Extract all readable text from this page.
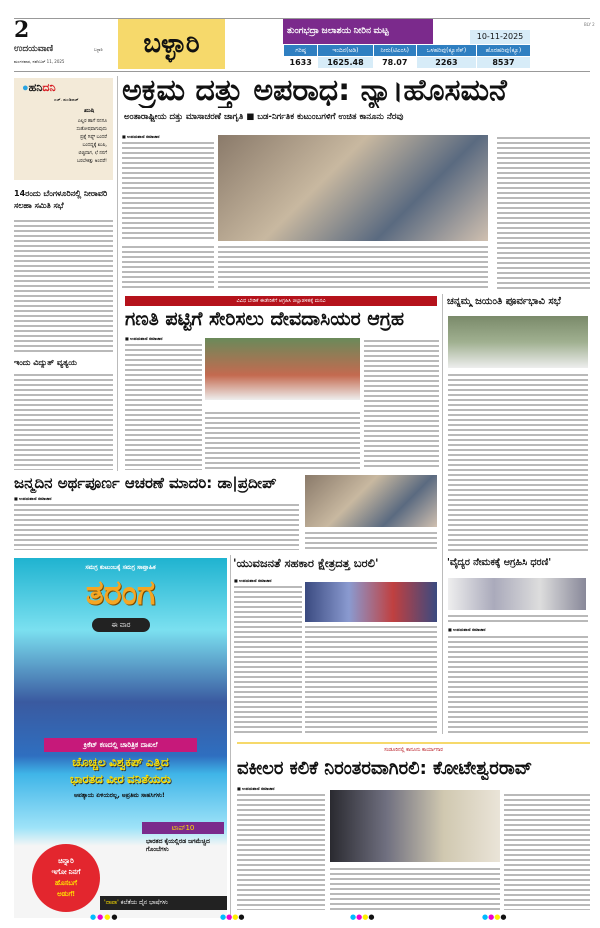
2
ಉದಯವಾಣಿ	ಬಳ್ಳಾರಿ
ಮಂಗಳವಾರ, ನವೆಂಬರ್ 11, 2025
ಬಳ್ಳಾರಿ
BLY 2
ತುಂಗಭದ್ರಾ ಜಲಾಶಯ ನೀರಿನ ಮಟ್ಟ
10-11-2025
ಗರಿಷ್ಠ	ಇಂದಿನ(ಅಡಿ)	ನೀರು(ಟಿಎಂಸಿ)	ಒಳಹರಿವು(ಕ್ಯೂಸೆಕ್)	ಹೊರಹರಿವು(ಕ್ಯೂ)
1633	1625.48	78.07	2263	8537
●ಹನಿದನಿ
ಎಚ್. ಡುಂಡಿರಾಜ್
ಖುಷಿ
ಎಲ್ಲರ ಹಾಗೆ ನನಗೂ
ಸಂತೋಷವಾಗುವುದು
ಪ್ರಶ್ನೆ ಗಿಫ್ಟ್ ಬಂದರೆ
ಬಂದದ್ದಕ್ಕೆ ಖುಷಿ,
ಬಿಚ್ಚಿದಾಗ, ಛೆ ನನಗೆ
ಬರಬೇಕಿತ್ತು ಅಂದರೆ!
14ರಂದು ಬೆಂಗಳೂರಿನಲ್ಲಿ ನೀರಾವರಿ ಸಲಹಾ ಸಮಿತಿ ಸಭೆ
ಇಂದು ವಿದ್ಯುತ್ ವ್ಯತ್ಯಯ
ಅಕ್ರಮ ದತ್ತು ಅಪರಾಧ: ನ್ಯಾ।ಹೊಸಮನೆ
ಅಂತಾರಾಷ್ಟ್ರೀಯ ದತ್ತು ಮಾಸಾಚರಣೆ ಜಾಗೃತಿ ■ ಬಡ-ನಿರ್ಗತಿಕ ಕುಟುಂಬಗಳಿಗೆ ಉಚಿತ ಕಾನೂನು ನೆರವು
■ ಉದಯವಾಣಿ ಸಮಾಚಾರ
ವಿವಿಧ ಬೇಡಿಕೆ ಈಡೇರಿಕೆಗೆ ಆಗ್ರಹಿಸಿ ಜಿಲ್ಲಾಡಳಿತಕ್ಕೆ ಮನವಿ
ಗಣತಿ ಪಟ್ಟಿಗೆ ಸೇರಿಸಲು ದೇವದಾಸಿಯರ ಆಗ್ರಹ
■ ಉದಯವಾಣಿ ಸಮಾಚಾರ
ಚನ್ನಮ್ಮ ಜಯಂತಿ ಪೂರ್ವಭಾವಿ ಸಭೆ
ಜನ್ಮದಿನ ಅರ್ಥಪೂರ್ಣ ಆಚರಣೆ ಮಾದರಿ: ಡಾ|ಪ್ರದೀಪ್
■ ಉದಯವಾಣಿ ಸಮಾಚಾರ
ಸಮಗ್ರ ಕುಟುಂಬಕ್ಕೆ ಸಮಗ್ರ ಸಾಪ್ತಾಹಿಕ
ತರಂಗ
ಈ ವಾರ
ಕ್ರಿಕೆಟ್ ಕಣದಲ್ಲಿ ಚಾರಿತ್ರಿಕ ದಾಖಲೆ
ಚೊಚ್ಚಲ ವಿಶ್ವಕಪ್ ಎತ್ತಿದ
ಭಾರತದ ವೀರ ವನಿತೆಯರು
ಆಪತ್ಕಾಯ ಏಳಿಯರಲ್ಲ, ಅಪ್ರತಿಮ ಸಾಹಸಿಗಳು!
ಟಾಪ್10
ಭಾರತದ ಕೈಯಲ್ಲಿರಡ ಜಗಮೆಚ್ಚಿದ ಗೊಂಬೆಗಳು
ಚಿನ್ನಾರಿ
ಇಗೋ ನಿನಗೆ
ಹೊಸಬಗೆ
ಅಡುಗೆ!
'ನಾಪಾ' ಕಲೆತೆಯ ದೈನ ಭಾಷೆಗಳು
'ಯುವಜನತೆ ಸಹಕಾರ ಕ್ಷೇತ್ರದತ್ತ ಬರಲಿ'
■ ಉದಯವಾಣಿ ಸಮಾಚಾರ
'ವೈದ್ಯರ ನೇಮಕಕ್ಕೆ ಆಗ್ರಹಿಸಿ ಧರಣಿ'
■ ಉದಯವಾಣಿ ಸಮಾಚಾರ
ಸಂಡೂರಿನಲ್ಲಿ ಕಾನೂನು ಕಾರ್ಯಾಗಾರ
ವಕೀಲರ ಕಲಿಕೆ ನಿರಂತರವಾಗಿರಲಿ: ಕೋಟೇಶ್ವರರಾವ್
■ ಉದಯವಾಣಿ ಸಮಾಚಾರ
●●●●	●●●●	●●●●	●●●●
